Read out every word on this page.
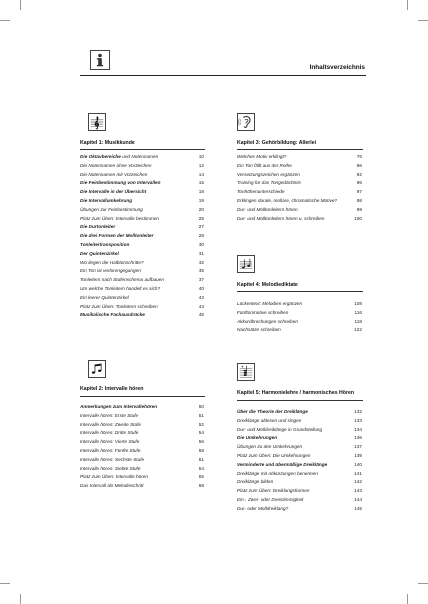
Inhaltsverzeichnis
Kapitel 1: Musikkunde
Die Oktavbereiche und Notennamen	10
Die Notennamen ohne Vorzeichen	12
Die Notennamen mit Vorzeichen	14
Die Feinbestimmung von Intervallen	15
Die Intervalle in der Übersicht	18
Die Intervallumkehrung	19
Übungen zur Feinbestimmung	20
Platz zum Üben: Intervalle bestimmen	25
Die Durtonleiter	27
Die drei Formen der Molltonleiter	28
Tonleitertransposition	30
Der Quintenzirkel	31
Wo liegen die Halbtonschritte?	32
Ein Ton ist verlorengegangen	35
Tonleitern nach Stufenschema aufbauen	37
Um welche Tonleitern handelt es sich?	40
Ein leerer Quintenzirkel	43
Platz zum Üben: Tonleitern schreiben	44
Musikalische Fachausdrücke	46
Kapitel 3: Gehörbildung: Allerlei
Welches Motiv erklingt?	76
Ein Ton fällt aus der Reihe	86
Versetzungszeichen ergänzen	92
Training für das Tongedächtnis	96
Tonhöhenunterschiede	97
Erklingen durale, mollare, chromatische Motive?	98
Dur- und Molltonleitern hören	99
Dur- und Molltonleitern hören u. schreiben	100
Kapitel 4: Melodiediktate
Lückentext: Melodien ergänzen	108
Fünftonmotive schreiben	116
Akkordbrechungen schreiben	118
Nachsätze schreiben	122
Kapitel 2: Intervalle hören
Anmerkungen zum Intervallehören	50
Intervalle hören: Erste Stufe	51
Intervalle hören: Zweite Stufe	52
Intervalle hören: Dritte Stufe	54
Intervalle hören: Vierte Stufe	56
Intervalle hören: Fünfte Stufe	58
Intervalle hören: Sechste Stufe	61
Intervalle hören: Siebte Stufe	64
Platz zum Üben: Intervalle hören	65
Das Intervall als Melodieschritt	68
Kapitel 5: Harmonielehre / harmonisches Hören
Über die Theorie der Dreiklänge	132
Dreiklänge ablesen und singen	133
Dur- und Molldreiklänge in Grundstellung	134
Die Umkehrungen	136
Übungen zu den Umkehrungen	137
Platz zum Üben: Die Umkehrungen	139
Verminderte und übermäßige Dreiklänge	140
Dreiklänge mit Abkürzungen benennen	141
Dreiklänge bilden	142
Platz zum Üben: Dreiklangsformen	143
Ein-, Zwei- oder Dreistimmigkeit	144
Dur- oder Molldreiklang?	145
